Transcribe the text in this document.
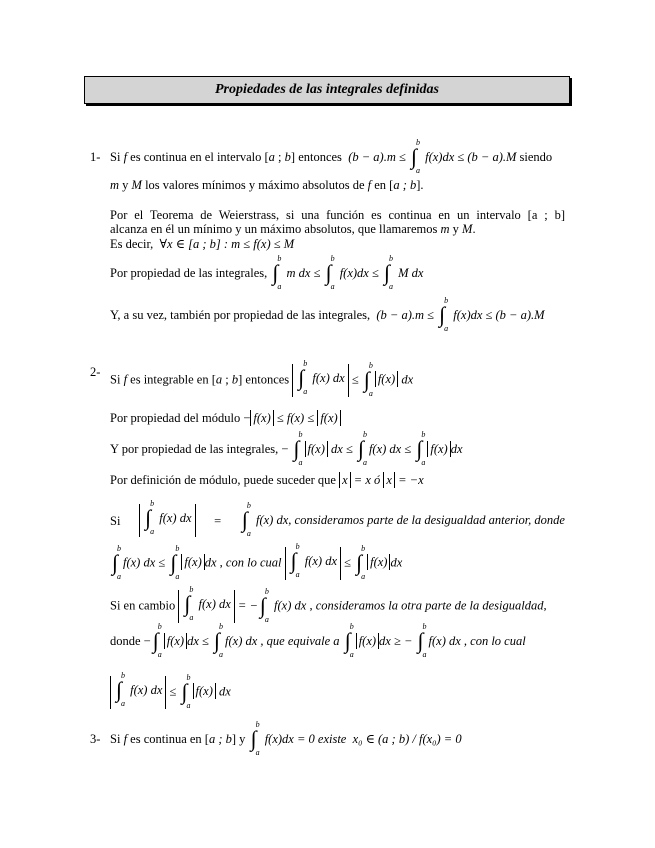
Propiedades de las integrales definidas
1- Si f es continua en el intervalo [a ; b] entonces (b − a).m ≤ ∫
b
a
f(x)dx ≤ (b − a).M siendo
m y M los valores mínimos y máximo absolutos de f en [a ; b].
Por el Teorema de Weierstrass, si una función es continua en un intervalo [a ; b]
alcanza en él un mínimo y un máximo absolutos, que llamaremos m y M.
Es decir, ∀x ∈ [a ; b] : m ≤ f(x) ≤ M
Por propiedad de las integrales, ∫
b
a
m dx ≤ ∫
b
a
f(x)dx ≤ ∫
b
a
M dx
Y, a su vez, también por propiedad de las integrales, (b − a).m ≤ ∫
b
a
f(x)dx ≤ (b − a).M
2-
Si f es integrable en [a ; b] entonces ∫
b
a
f(x) dx ≤ ∫
b
a
f(x) dx
Por propiedad del módulo − f(x) ≤ f(x) ≤ f(x)
Y por propiedad de las integrales, − ∫
b
a
f(x) dx ≤ ∫
b
a
f(x) dx ≤ ∫
b
a
f(x) dx
Por definición de módulo, puede suceder que x = x ó x = −x
Si ∫
b
a
f(x) dx	= ∫
b
a
f(x) dx, consideramos parte de la desigualdad anterior, donde
∫
b
a
f(x) dx ≤ ∫
b
a
f(x) dx , con lo cual ∫
b
a
f(x) dx ≤ ∫
b
a
f(x) dx
Si en cambio ∫
b
a
f(x) dx = − ∫
b
a
f(x) dx , consideramos la otra parte de la desigualdad,
donde − ∫
b
a
f(x) dx ≤ ∫
b
a
f(x) dx , que equivale a ∫
b
a
f(x) dx ≥ − ∫
b
a
f(x) dx , con lo cual
∫
b
a
f(x) dx ≤ ∫
b
a
f(x) dx
3- Si f es continua en [a ; b] y ∫
b
a
f(x)dx = 0 existe x₀ ∈ (a ; b) / f(x₀) = 0
